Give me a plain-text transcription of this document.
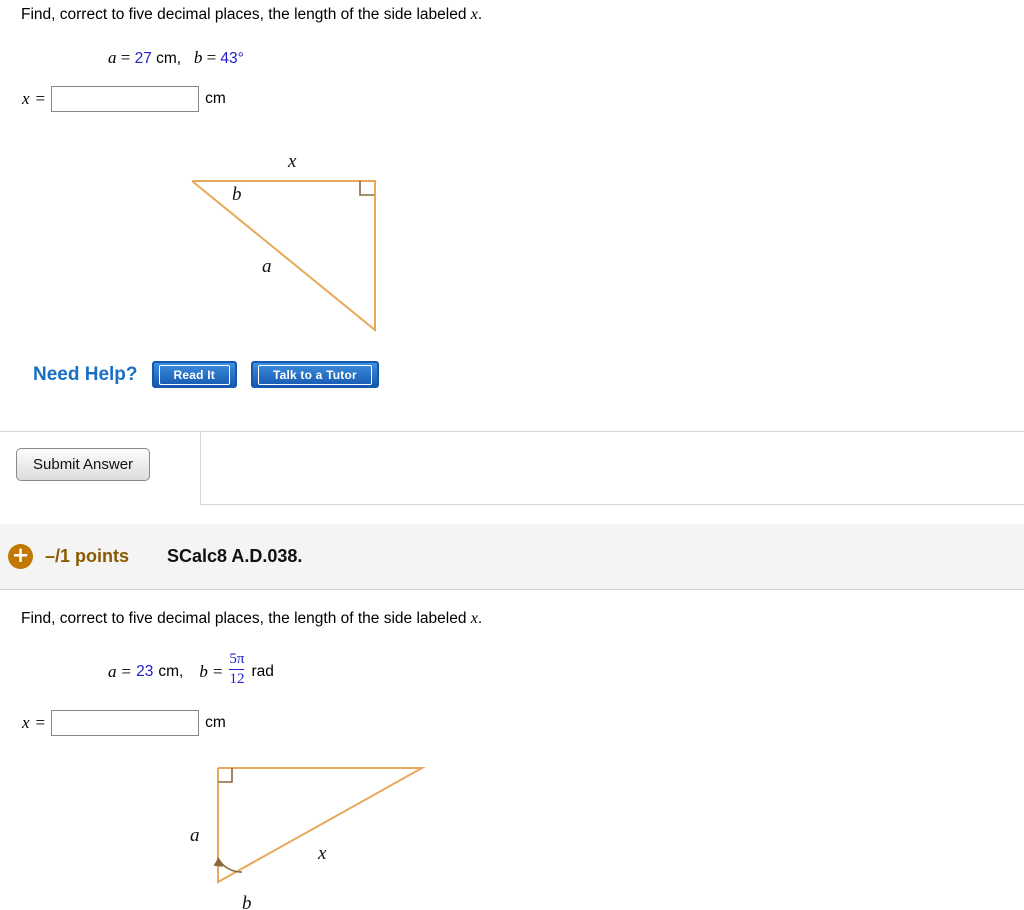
Find, correct to five decimal places, the length of the side labeled x.
a = 27 cm, b = 43°
x =	cm
x
b
a
Need Help?	Read It	Talk to a Tutor
Submit Answer
+ –/1 points SCalc8 A.D.038.
Find, correct to five decimal places, the length of the side labeled x.
a = 23 cm, $b = \frac{5\pi}{12}$ rad
x =	cm
a
x
b
